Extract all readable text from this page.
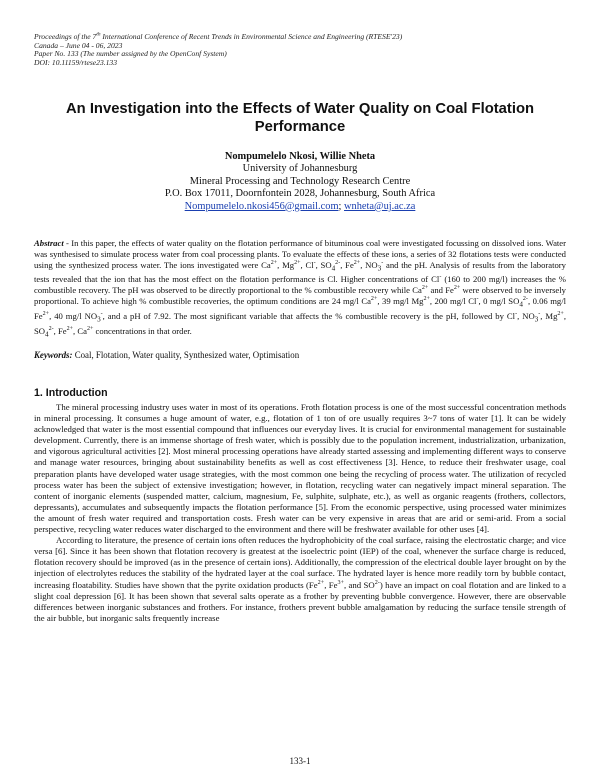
Proceedings of the 7th International Conference of Recent Trends in Environmental Science and Engineering (RTESE'23)
Canada – June 04 - 06, 2023
Paper No. 133 (The number assigned by the OpenConf System)
DOI: 10.11159/rtese23.133
An Investigation into the Effects of Water Quality on Coal Flotation Performance
Nompumelelo Nkosi, Willie Nheta
University of Johannesburg
Mineral Processing and Technology Research Centre
P.O. Box 17011, Doornfontein 2028, Johannesburg, South Africa
Nompumelelo.nkosi456@gmail.com; wnheta@uj.ac.za
Abstract - In this paper, the effects of water quality on the flotation performance of bituminous coal were investigated focussing on dissolved ions. Water was synthesised to simulate process water from coal processing plants. To evaluate the effects of these ions, a series of 32 flotations tests were conducted using the synthesized process water. The ions investigated were $Ca^{2+}$, $Mg^{2+}$, Cl-, $SO_4^{2-}$, $Fe^{2+}$, $NO_3^-$ and the pH. Analysis of results from the laboratory tests revealed that the ion that has the most effect on the flotation performance is Cl. Higher concentrations of Cl- (160 to 200 mg/l) increases the % combustible recovery. The pH was observed to be directly proportional to the % combustible recovery while $Ca^{2+}$ and $Fe^{2+}$ were observed to be inversely proportional. To achieve high % combustible recoveries, the optimum conditions are 24 mg/l $Ca^{2+}$, 39 mg/l $Mg^{2+}$, 200 mg/l Cl-, 0 mg/l $SO_4^{2-}$, 0.06 mg/l $Fe^{2+}$, 40 mg/l $NO_3^-$, and a pH of 7.92. The most significant variable that affects the % combustible recovery is the pH, followed by Cl-, $NO_3^-$, $Mg^{2+}$, $SO_4^{2-}$, $Fe^{2+}$, $Ca^{2+}$ concentrations in that order.
Keywords: Coal, Flotation, Water quality, Synthesized water, Optimisation
1. Introduction

The mineral processing industry uses water in most of its operations. Froth flotation process is one of the most successful concentration methods in mineral processing. It consumes a huge amount of water, e.g., flotation of 1 ton of ore usually requires 3~7 tons of water [1]. It can be widely acknowledged that water is the most essential compound that influences our everyday lives. It is crucial for environmental management for sustainable development. Currently, there is an immense shortage of fresh water, which is possibly due to the population increment, industrialization, urbanization, and vigorous agricultural activities [2]. Most mineral processing operations have already started assessing and implementing different ways to conserve and manage water resources, bringing about sustainability benefits as well as cost effectiveness [3]. Hence, to reduce their freshwater usage, coal preparation plants have developed water usage strategies, with the most common one being the recycling of process water. The utilization of recycled process water has been the subject of extensive investigation; however, in flotation, recycling water can negatively impact mineral separation. The content of inorganic elements (suspended matter, calcium, magnesium, Fe, sulphite, sulphate, etc.), as well as organic reagents (frothers, collectors, depressants), accumulates and subsequently impacts the flotation performance [5]. From the economic perspective, using processed water minimizes the amount of fresh water required and transportation costs. Fresh water can be very expensive in areas that are arid or semi-arid. From a social perspective, recycling water reduces water discharged to the environment and there will be freshwater available for other uses [4].

According to literature, the presence of certain ions often reduces the hydrophobicity of the coal surface, raising the electrostatic charge; and vice versa [6]. Since it has been shown that flotation recovery is greatest at the isoelectric point (IEP) of the coal, whenever the surface charge is reduced, flotation recovery should be improved (as in the presence of certain ions). Additionally, the compression of the electrical double layer brought on by the injection of electrolytes reduces the stability of the hydrated layer at the coal surface. The hydrated layer is hence more readily torn by bubble contact, increasing floatability. Studies have shown that the pyrite oxidation products ($Fe^{2+}$, $Fe^{3+}$, and $SO^{2-}$) have an impact on coal flotation and are linked to a slight coal depression [6]. It has been shown that several salts operate as a frother by preventing bubble convergence. However, there are observable differences between inorganic substances and frothers. For instance, frothers prevent bubble amalgamation by reducing the surface tensile strength of the air bubble, but inorganic salts frequently increase

133-1
